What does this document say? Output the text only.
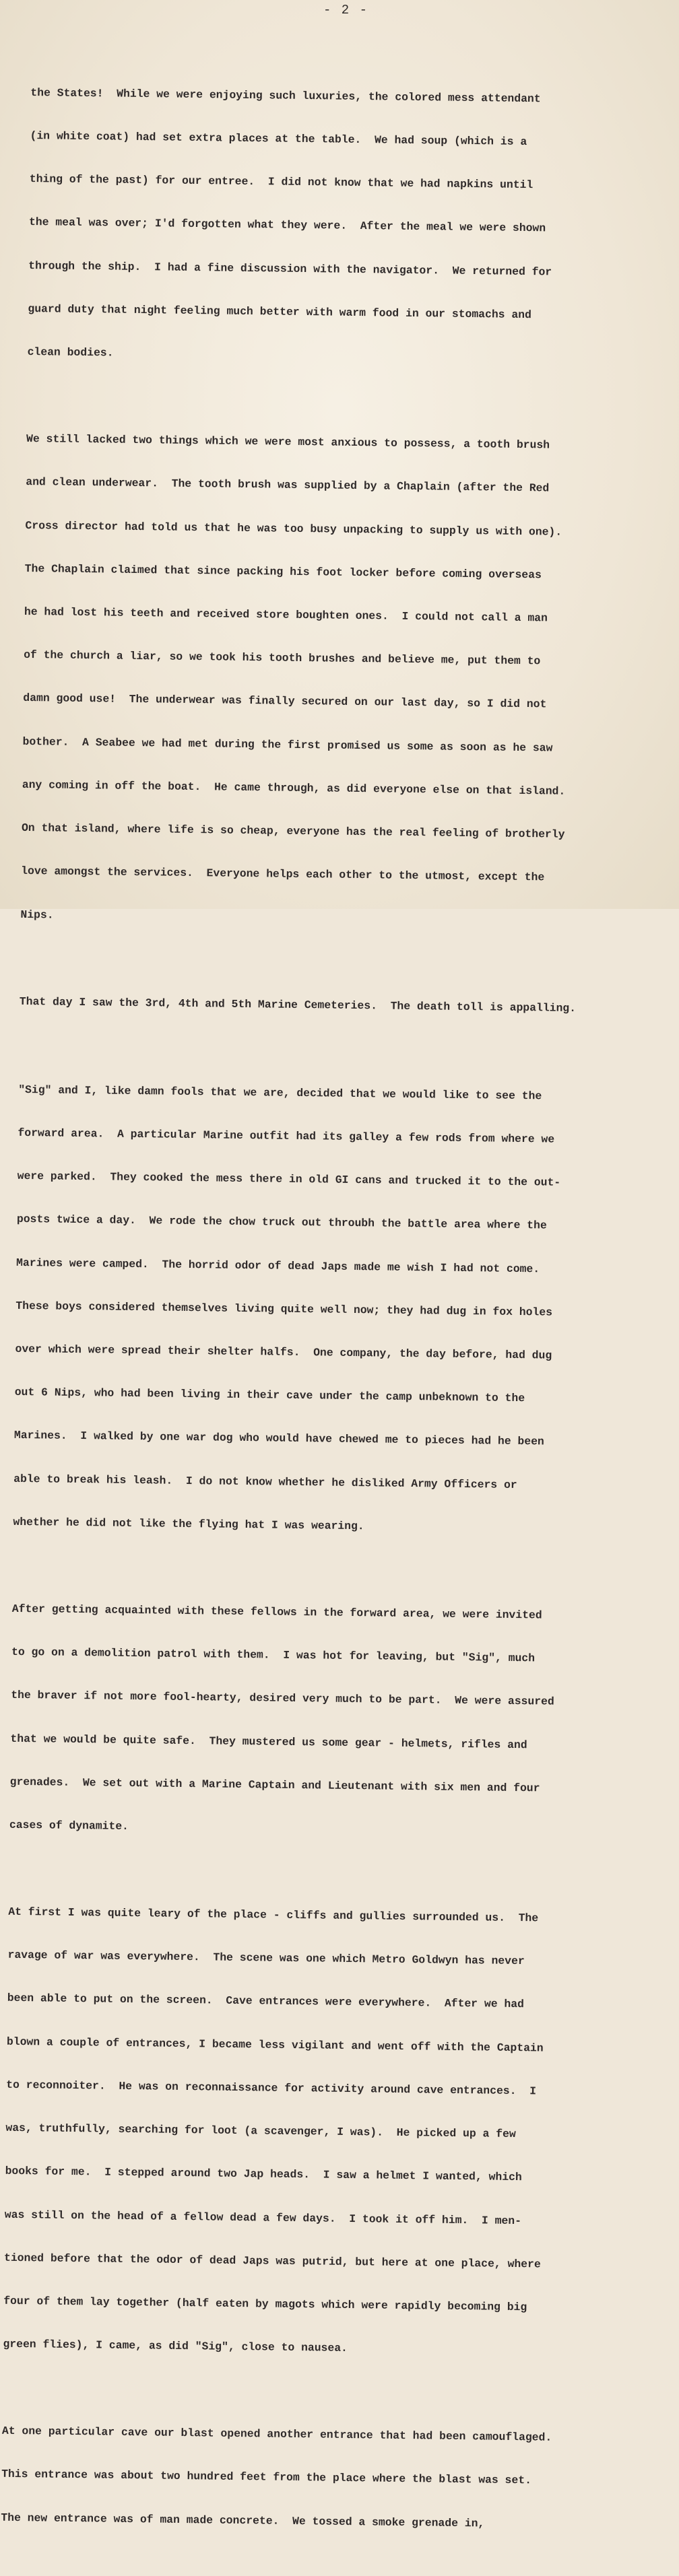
- 2 -

the States!  While we were enjoying such luxuries, the colored mess attendant

(in white coat) had set extra places at the table.  We had soup (which is a

thing of the past) for our entree.  I did not know that we had napkins until

the meal was over; I'd forgotten what they were.  After the meal we were shown

through the ship.  I had a fine discussion with the navigator.  We returned for

guard duty that night feeling much better with warm food in our stomachs and

clean bodies.

We still lacked two things which we were most anxious to possess, a tooth brush

and clean underwear.  The tooth brush was supplied by a Chaplain (after the Red

Cross director had told us that he was too busy unpacking to supply us with one).

The Chaplain claimed that since packing his foot locker before coming overseas

he had lost his teeth and received store boughten ones.  I could not call a man

of the church a liar, so we took his tooth brushes and believe me, put them to

damn good use!  The underwear was finally secured on our last day, so I did not

bother.  A Seabee we had met during the first promised us some as soon as he saw

any coming in off the boat.  He came through, as did everyone else on that island.

On that island, where life is so cheap, everyone has the real feeling of brotherly

love amongst the services.  Everyone helps each other to the utmost, except the

Nips.

That day I saw the 3rd, 4th and 5th Marine Cemeteries.  The death toll is appalling.

"Sig" and I, like damn fools that we are, decided that we would like to see the

forward area.  A particular Marine outfit had its galley a few rods from where we

were parked.  They cooked the mess there in old GI cans and trucked it to the out-

posts twice a day.  We rode the chow truck out throubh the battle area where the

Marines were camped.  The horrid odor of dead Japs made me wish I had not come.

These boys considered themselves living quite well now; they had dug in fox holes

over which were spread their shelter halfs.  One company, the day before, had dug

out 6 Nips, who had been living in their cave under the camp unbeknown to the

Marines.  I walked by one war dog who would have chewed me to pieces had he been

able to break his leash.  I do not know whether he disliked Army Officers or

whether he did not like the flying hat I was wearing.

After getting acquainted with these fellows in the forward area, we were invited

to go on a demolition patrol with them.  I was hot for leaving, but "Sig", much

the braver if not more fool-hearty, desired very much to be part.  We were assured

that we would be quite safe.  They mustered us some gear - helmets, rifles and

grenades.  We set out with a Marine Captain and Lieutenant with six men and four

cases of dynamite.

At first I was quite leary of the place - cliffs and gullies surrounded us.  The

ravage of war was everywhere.  The scene was one which Metro Goldwyn has never

been able to put on the screen.  Cave entrances were everywhere.  After we had

blown a couple of entrances, I became less vigilant and went off with the Captain

to reconnoiter.  He was on reconnaissance for activity around cave entrances.  I

was, truthfully, searching for loot (a scavenger, I was).  He picked up a few

books for me.  I stepped around two Jap heads.  I saw a helmet I wanted, which

was still on the head of a fellow dead a few days.  I took it off him.  I men-

tioned before that the odor of dead Japs was putrid, but here at one place, where

four of them lay together (half eaten by magots which were rapidly becoming big

green flies), I came, as did "Sig", close to nausea.

At one particular cave our blast opened another entrance that had been camouflaged.

This entrance was about two hundred feet from the place where the blast was set.

The new entrance was of man made concrete.  We tossed a smoke grenade in,
